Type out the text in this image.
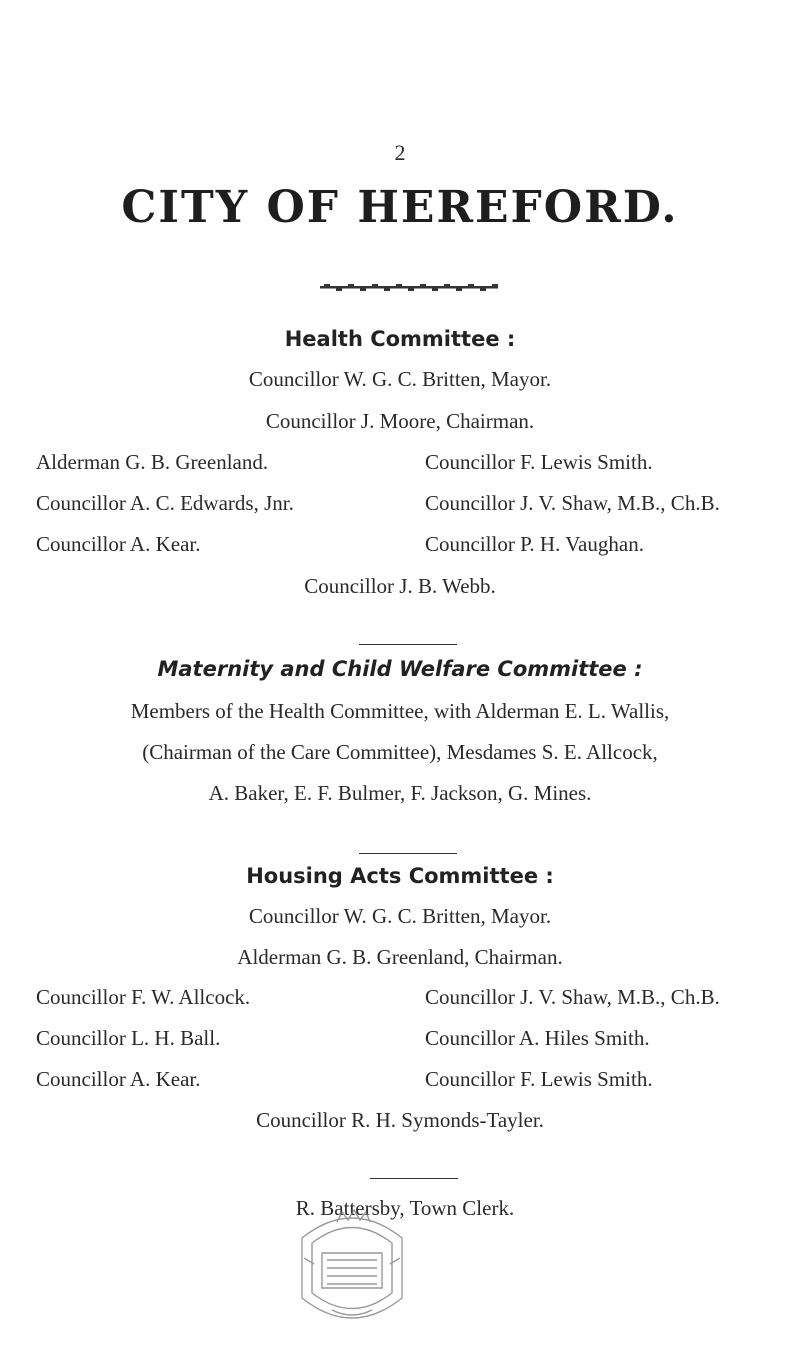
2
CITY OF HEREFORD.
Health Committee :
Councillor W. G. C. Britten, Mayor.
Councillor J. Moore, Chairman.
Alderman G. B. Greenland.
Councillor A. C. Edwards, Jnr.
Councillor A. Kear.
Councillor F. Lewis Smith.
Councillor J. V. Shaw, M.B., Ch.B.
Councillor P. H. Vaughan.
Councillor J. B. Webb.
Maternity and Child Welfare Committee :
Members of the Health Committee, with Alderman E. L. Wallis,
(Chairman of the Care Committee), Mesdames S. E. Allcock,
A. Baker, E. F. Bulmer, F. Jackson, G. Mines.
Housing Acts Committee :
Councillor W. G. C. Britten, Mayor.
Alderman G. B. Greenland, Chairman.
Councillor F. W. Allcock.
Councillor L. H. Ball.
Councillor A. Kear.
Councillor J. V. Shaw, M.B., Ch.B.
Councillor A. Hiles Smith.
Councillor F. Lewis Smith.
Councillor R. H. Symonds-Tayler.
R. Battersby, Town Clerk.
